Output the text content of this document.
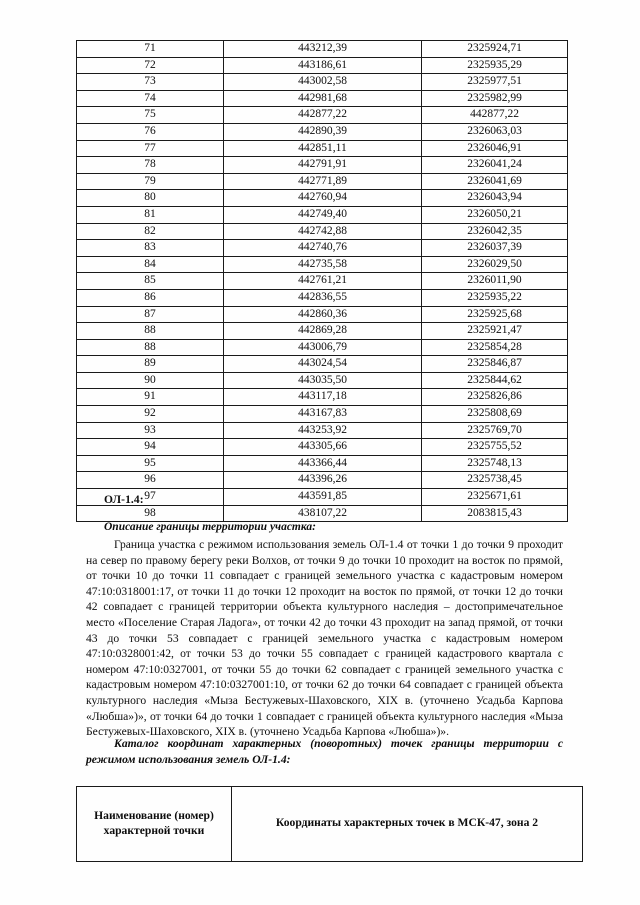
71	443212,39	2325924,71
72	443186,61	2325935,29
73	443002,58	2325977,51
74	442981,68	2325982,99
75	442877,22	442877,22
76	442890,39	2326063,03
77	442851,11	2326046,91
78	442791,91	2326041,24
79	442771,89	2326041,69
80	442760,94	2326043,94
81	442749,40	2326050,21
82	442742,88	2326042,35
83	442740,76	2326037,39
84	442735,58	2326029,50
85	442761,21	2326011,90
86	442836,55	2325935,22
87	442860,36	2325925,68
88	442869,28	2325921,47
88	443006,79	2325854,28
89	443024,54	2325846,87
90	443035,50	2325844,62
91	443117,18	2325826,86
92	443167,83	2325808,69
93	443253,92	2325769,70
94	443305,66	2325755,52
95	443366,44	2325748,13
96	443396,26	2325738,45
97	443591,85	2325671,61
98	438107,22	2083815,43
ОЛ-1.4:
Описание границы территории участка:
Граница участка с режимом использования земель ОЛ-1.4 от точки 1 до точки 9 проходит на север по правому берегу реки Волхов, от точки 9 до точки 10 проходит на восток по прямой, от точки 10 до точки 11 совпадает с границей земельного участка с кадастровым номером 47:10:0318001:17, от точки 11 до точки 12 проходит на восток по прямой, от точки 12 до точки 42 совпадает с границей территории объекта культурного наследия – достопримечательное место «Поселение Старая Ладога», от точки 42 до точки 43 проходит на запад прямой, от точки 43 до точки 53 совпадает с границей земельного участка с кадастровым номером 47:10:0328001:42, от точки 53 до точки 55 совпадает с границей кадастрового квартала с номером 47:10:0327001, от точки 55 до точки 62 совпадает с границей земельного участка с кадастровым номером 47:10:0327001:10, от точки 62 до точки 64 совпадает с границей объекта культурного наследия «Мыза Бестужевых-Шаховского, XIX в. (уточнено Усадьба Карпова «Любша»)», от точки 64 до точки 1 совпадает с границей объекта культурного наследия «Мыза Бестужевых-Шаховского, XIX в. (уточнено Усадьба Карпова «Любша»)».
Каталог координат характерных (поворотных) точек границы территории с режимом использования земель ОЛ-1.4:
Наименование (номер) характерной точки	Координаты характерных точек в МСК-47, зона 2
